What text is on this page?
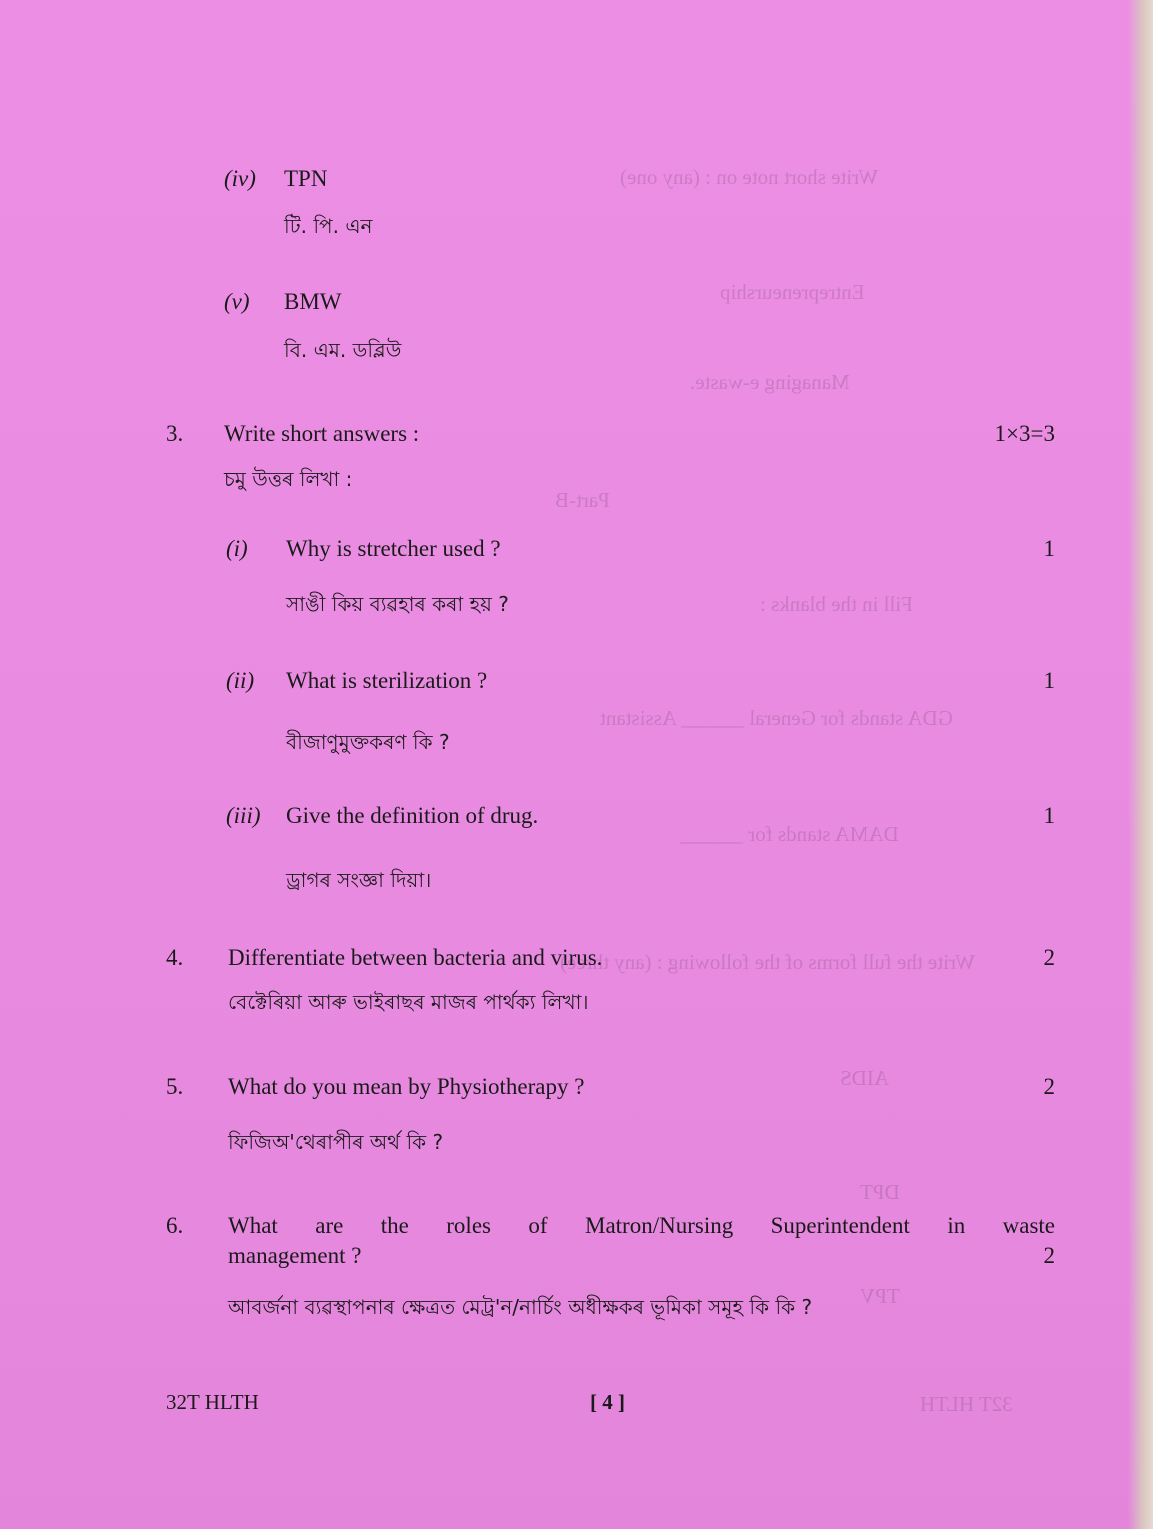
Write short note on : (any one)
Entrepreneurship
Managing e-waste.
Part-B
Fill in the blanks :
GDA stands for General ______ Assistant
DAMA stands for ______
Write the full forms of the following : (any three)
AIDS
DPT
TPV
32T HLTH
(iv) TPN
টি. পি. এন
(v) BMW
বি. এম. ডব্লিউ
3. Write short answers :	1×3=3
চমু উত্তৰ লিখা :
(i) Why is stretcher used ?	1
সাঙী কিয় ব্যৱহাৰ কৰা হয় ?
(ii) What is sterilization ?	1
বীজাণুমুক্তকৰণ কি ?
(iii) Give the definition of drug.	1
ড্ৰাগৰ সংজ্ঞা দিয়া।
4. Differentiate between bacteria and virus.	2
বেক্টেৰিয়া আৰু ভাইৰাছৰ মাজৰ পাৰ্থক্য লিখা।
5. What do you mean by Physiotherapy ?	2
ফিজিঅ'থেৰাপীৰ অৰ্থ কি ?
6. What are the roles of Matron/Nursing Superintendent in waste
management ?	2
আবৰ্জনা ব্যৱস্থাপনাৰ ক্ষেত্ৰত মেট্ৰ'ন/নাৰ্চিং অধীক্ষকৰ ভূমিকা সমূহ কি কি ?
32T HLTH	[ 4 ]
